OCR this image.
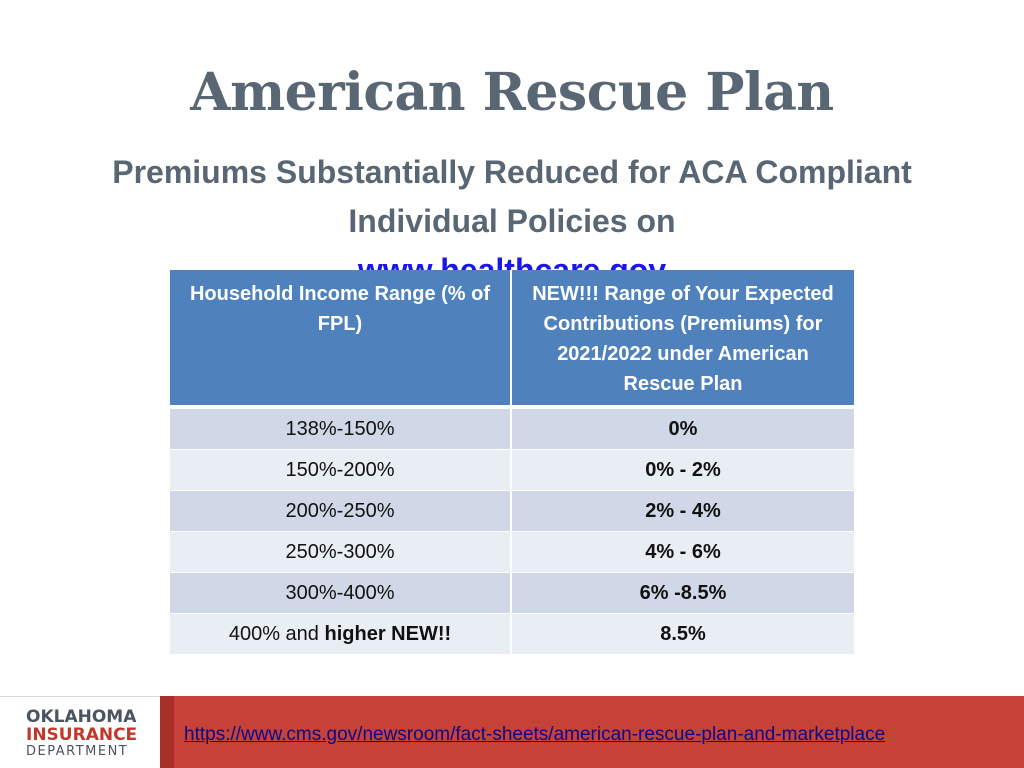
American Rescue Plan

Premiums Substantially Reduced for ACA Compliant Individual Policies on

Household Income Range (% of FPL)	NEW!!! Range of Your Expected Contributions (Premiums) for 2021/2022 under American Rescue Plan
138%-150%	0%
150%-200%	0% - 2%
200%-250%	2% - 4%
250%-300%	4% - 6%
300%-400%	6% -8.5%
400% and higher NEW!!	8.5%

OKLAHOMA

INSURANCE

DEPARTMENT

https://www.cms.gov/newsroom/fact-sheets/american-rescue-plan-and-marketplace
